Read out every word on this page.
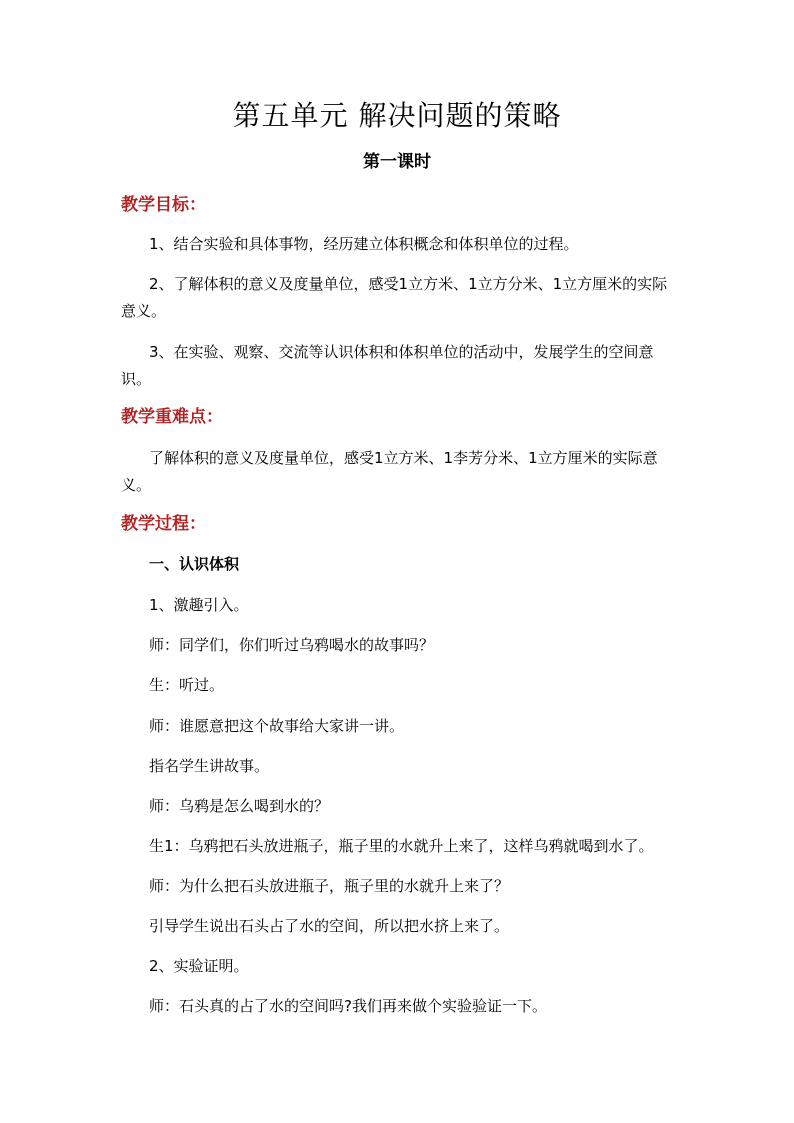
第五单元 解决问题的策略
第一课时
教学目标：
1、结合实验和具体事物，经历建立体积概念和体积单位的过程。
2、了解体积的意义及度量单位，感受1立方米、1立方分米、1立方厘米的实际意义。
3、在实验、观察、交流等认识体积和体积单位的活动中，发展学生的空间意识。
教学重难点：
了解体积的意义及度量单位，感受1立方米、1李芳分米、1立方厘米的实际意义。
教学过程：
一、认识体积
1、激趣引入。
师：同学们，你们听过乌鸦喝水的故事吗？
生：听过。
师：谁愿意把这个故事给大家讲一讲。
指名学生讲故事。
师：乌鸦是怎么喝到水的？
生1：乌鸦把石头放进瓶子，瓶子里的水就升上来了，这样乌鸦就喝到水了。
师：为什么把石头放进瓶子，瓶子里的水就升上来了？
引导学生说出石头占了水的空间，所以把水挤上来了。
2、实验证明。
师：石头真的占了水的空间吗?我们再来做个实验验证一下。
